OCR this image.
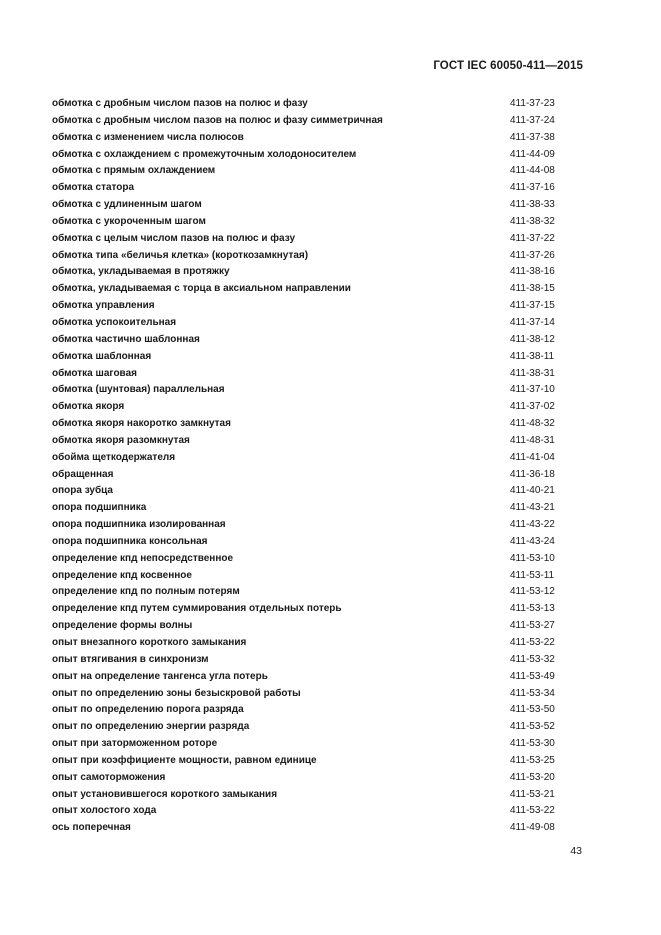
ГОСТ IEC 60050-411—2015
обмотка с дробным числом пазов на полюс и фазу	411-37-23
обмотка с дробным числом пазов на полюс и фазу симметричная	411-37-24
обмотка с изменением числа полюсов	411-37-38
обмотка с охлаждением с промежуточным холодоносителем	411-44-09
обмотка с прямым охлаждением	411-44-08
обмотка статора	411-37-16
обмотка с удлиненным шагом	411-38-33
обмотка с укороченным шагом	411-38-32
обмотка с целым числом пазов на полюс и фазу	411-37-22
обмотка типа «беличья клетка» (короткозамкнутая)	411-37-26
обмотка, укладываемая в протяжку	411-38-16
обмотка, укладываемая с торца в аксиальном направлении	411-38-15
обмотка управления	411-37-15
обмотка успокоительная	411-37-14
обмотка частично шаблонная	411-38-12
обмотка шаблонная	411-38-11
обмотка шаговая	411-38-31
обмотка (шунтовая) параллельная	411-37-10
обмотка якоря	411-37-02
обмотка якоря накоротко замкнутая	411-48-32
обмотка якоря разомкнутая	411-48-31
обойма щеткодержателя	411-41-04
обращенная	411-36-18
опора зубца	411-40-21
опора подшипника	411-43-21
опора подшипника изолированная	411-43-22
опора подшипника консольная	411-43-24
определение кпд непосредственное	411-53-10
определение кпд косвенное	411-53-11
определение кпд по полным потерям	411-53-12
определение кпд путем суммирования отдельных потерь	411-53-13
определение формы волны	411-53-27
опыт внезапного короткого замыкания	411-53-22
опыт втягивания в синхронизм	411-53-32
опыт на определение тангенса угла потерь	411-53-49
опыт по определению зоны безыскровой работы	411-53-34
опыт по определению порога разряда	411-53-50
опыт по определению энергии разряда	411-53-52
опыт при заторможенном роторе	411-53-30
опыт при коэффициенте мощности, равном единице	411-53-25
опыт самоторможения	411-53-20
опыт установившегося короткого замыкания	411-53-21
опыт холостого хода	411-53-22
ось поперечная	411-49-08
43
